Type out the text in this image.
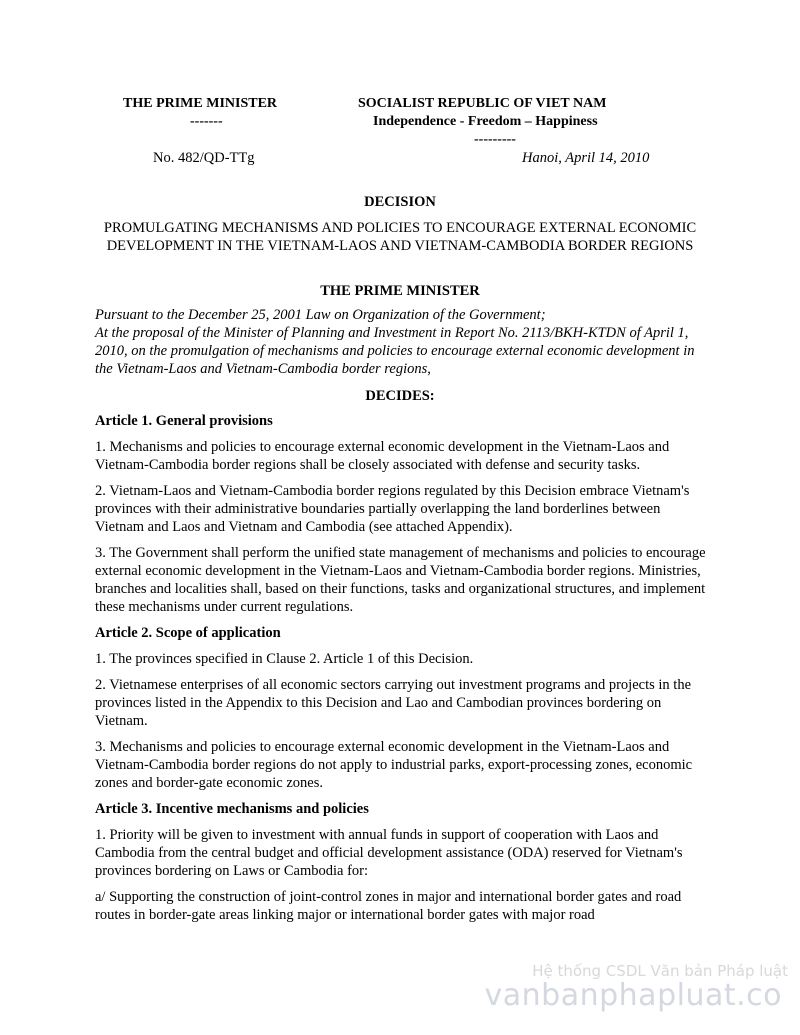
THE PRIME MINISTER
-------
SOCIALIST REPUBLIC OF VIET NAM
Independence - Freedom – Happiness
---------
No. 482/QD-TTg	Hanoi, April 14, 2010
DECISION
PROMULGATING MECHANISMS AND POLICIES TO ENCOURAGE EXTERNAL ECONOMIC DEVELOPMENT IN THE VIETNAM-LAOS AND VIETNAM-CAMBODIA BORDER REGIONS
THE PRIME MINISTER
Pursuant to the December 25, 2001 Law on Organization of the Government;
At the proposal of the Minister of Planning and Investment in Report No. 2113/BKH-KTDN of April 1, 2010, on the promulgation of mechanisms and policies to encourage external economic development in the Vietnam-Laos and Vietnam-Cambodia border regions,
DECIDES:
Article 1. General provisions
1. Mechanisms and policies to encourage external economic development in the Vietnam-Laos and Vietnam-Cambodia border regions shall be closely associated with defense and security tasks.
2. Vietnam-Laos and Vietnam-Cambodia border regions regulated by this Decision embrace Vietnam's provinces with their administrative boundaries partially overlapping the land borderlines between Vietnam and Laos and Vietnam and Cambodia (see attached Appendix).
3. The Government shall perform the unified state management of mechanisms and policies to encourage external economic development in the Vietnam-Laos and Vietnam-Cambodia border regions. Ministries, branches and localities shall, based on their functions, tasks and organizational structures, and implement these mechanisms under current regulations.
Article 2. Scope of application
1. The provinces specified in Clause 2. Article 1 of this Decision.
2. Vietnamese enterprises of all economic sectors carrying out investment programs and projects in the provinces listed in the Appendix to this Decision and Lao and Cambodian provinces bordering on Vietnam.
3. Mechanisms and policies to encourage external economic development in the Vietnam-Laos and Vietnam-Cambodia border regions do not apply to industrial parks, export-processing zones, economic zones and border-gate economic zones.
Article 3. Incentive mechanisms and policies
1. Priority will be given to investment with annual funds in support of cooperation with Laos and Cambodia from the central budget and official development assistance (ODA) reserved for Vietnam's provinces bordering on Laws or Cambodia for:
a/ Supporting the construction of joint-control zones in major and international border gates and road routes in border-gate areas linking major or international border gates with major road
Hệ thống CSDL Văn bản Pháp luật
vanbanphapluat.co
